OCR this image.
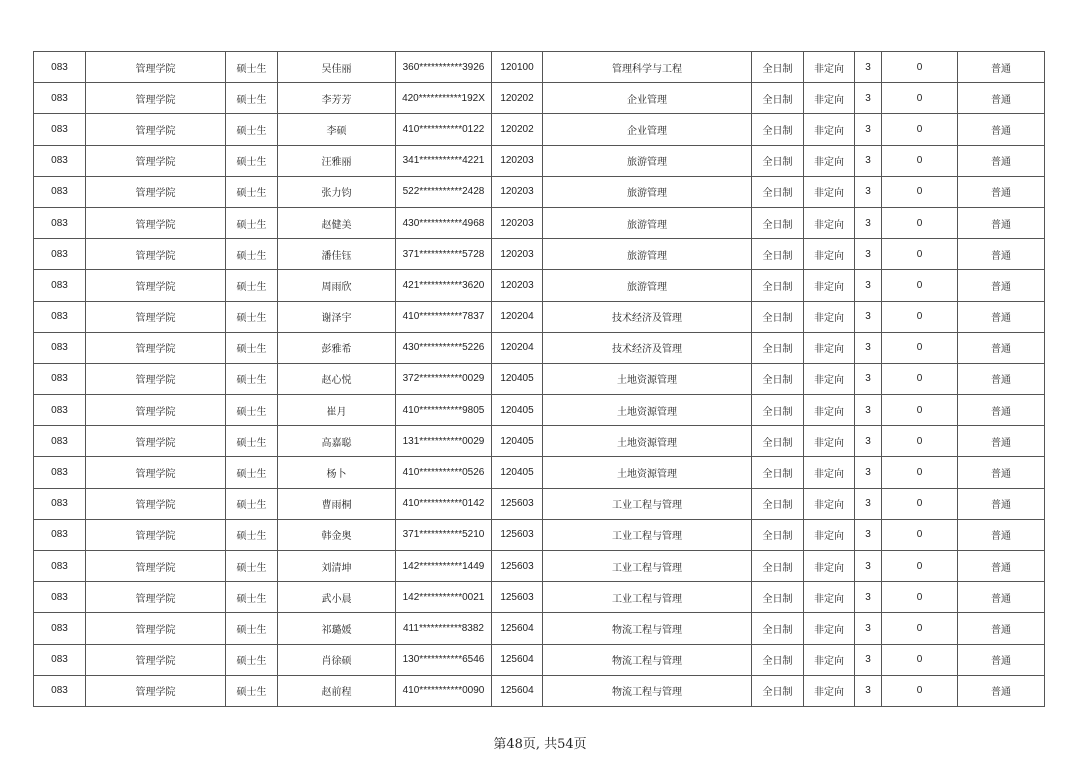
083	管理学院	硕士生	吴佳丽	360***********3926	120100	管理科学与工程	全日制	非定向	3	0	普通
083	管理学院	硕士生	李芳芳	420***********192X	120202	企业管理	全日制	非定向	3	0	普通
083	管理学院	硕士生	李硕	410***********0122	120202	企业管理	全日制	非定向	3	0	普通
083	管理学院	硕士生	汪雅丽	341***********4221	120203	旅游管理	全日制	非定向	3	0	普通
083	管理学院	硕士生	张力钧	522***********2428	120203	旅游管理	全日制	非定向	3	0	普通
083	管理学院	硕士生	赵健美	430***********4968	120203	旅游管理	全日制	非定向	3	0	普通
083	管理学院	硕士生	潘佳钰	371***********5728	120203	旅游管理	全日制	非定向	3	0	普通
083	管理学院	硕士生	周雨欣	421***********3620	120203	旅游管理	全日制	非定向	3	0	普通
083	管理学院	硕士生	谢泽宇	410***********7837	120204	技术经济及管理	全日制	非定向	3	0	普通
083	管理学院	硕士生	彭雅希	430***********5226	120204	技术经济及管理	全日制	非定向	3	0	普通
083	管理学院	硕士生	赵心悦	372***********0029	120405	土地资源管理	全日制	非定向	3	0	普通
083	管理学院	硕士生	崔月	410***********9805	120405	土地资源管理	全日制	非定向	3	0	普通
083	管理学院	硕士生	高嘉聪	131***********0029	120405	土地资源管理	全日制	非定向	3	0	普通
083	管理学院	硕士生	杨卜	410***********0526	120405	土地资源管理	全日制	非定向	3	0	普通
083	管理学院	硕士生	曹雨桐	410***********0142	125603	工业工程与管理	全日制	非定向	3	0	普通
083	管理学院	硕士生	韩金奥	371***********5210	125603	工业工程与管理	全日制	非定向	3	0	普通
083	管理学院	硕士生	刘清坤	142***********1449	125603	工业工程与管理	全日制	非定向	3	0	普通
083	管理学院	硕士生	武小晨	142***********0021	125603	工业工程与管理	全日制	非定向	3	0	普通
083	管理学院	硕士生	祁璐媛	411***********8382	125604	物流工程与管理	全日制	非定向	3	0	普通
083	管理学院	硕士生	肖徐硕	130***********6546	125604	物流工程与管理	全日制	非定向	3	0	普通
083	管理学院	硕士生	赵前程	410***********0090	125604	物流工程与管理	全日制	非定向	3	0	普通
第48页, 共54页
